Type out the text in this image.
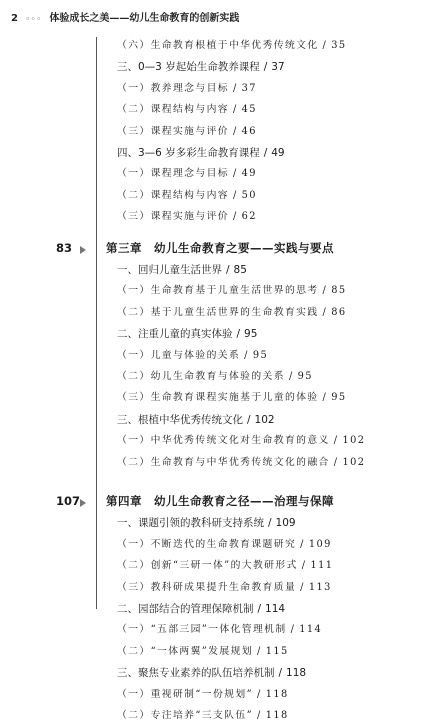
2 ◦◦◦ 体验成长之美——幼儿生命教育的创新实践
（六）生命教育根植于中华优秀传统文化 / 35
三、0—3 岁起始生命教养课程 / 37
（一）教养理念与目标 / 37
（二）课程结构与内容 / 45
（三）课程实施与评价 / 46
四、3—6 岁多彩生命教育课程 / 49
（一）课程理念与目标 / 49
（二）课程结构与内容 / 50
（三）课程实施与评价 / 62
83	第三章　幼儿生命教育之要——实践与要点
一、回归儿童生活世界 / 85
（一）生命教育基于儿童生活世界的思考 / 85
（二）基于儿童生活世界的生命教育实践 / 86
二、注重儿童的真实体验 / 95
（一）儿童与体验的关系 / 95
（二）幼儿生命教育与体验的关系 / 95
（三）生命教育课程实施基于儿童的体验 / 95
三、根植中华优秀传统文化 / 102
（一）中华优秀传统文化对生命教育的意义 / 102
（二）生命教育与中华优秀传统文化的融合 / 102
107 第四章　幼儿生命教育之径——治理与保障
一、课题引领的教科研支持系统 / 109
（一）不断迭代的生命教育课题研究 / 109
（二）创新“三研一体”的大教研形式 / 111
（三）教科研成果提升生命教育质量 / 113
二、园部结合的管理保障机制 / 114
（一）“五部三园”一体化管理机制 / 114
（二）“一体两翼”发展规划 / 115
三、聚焦专业素养的队伍培养机制 / 118
（一）重视研制“一份规划” / 118
（二）专注培养“三支队伍” / 118
